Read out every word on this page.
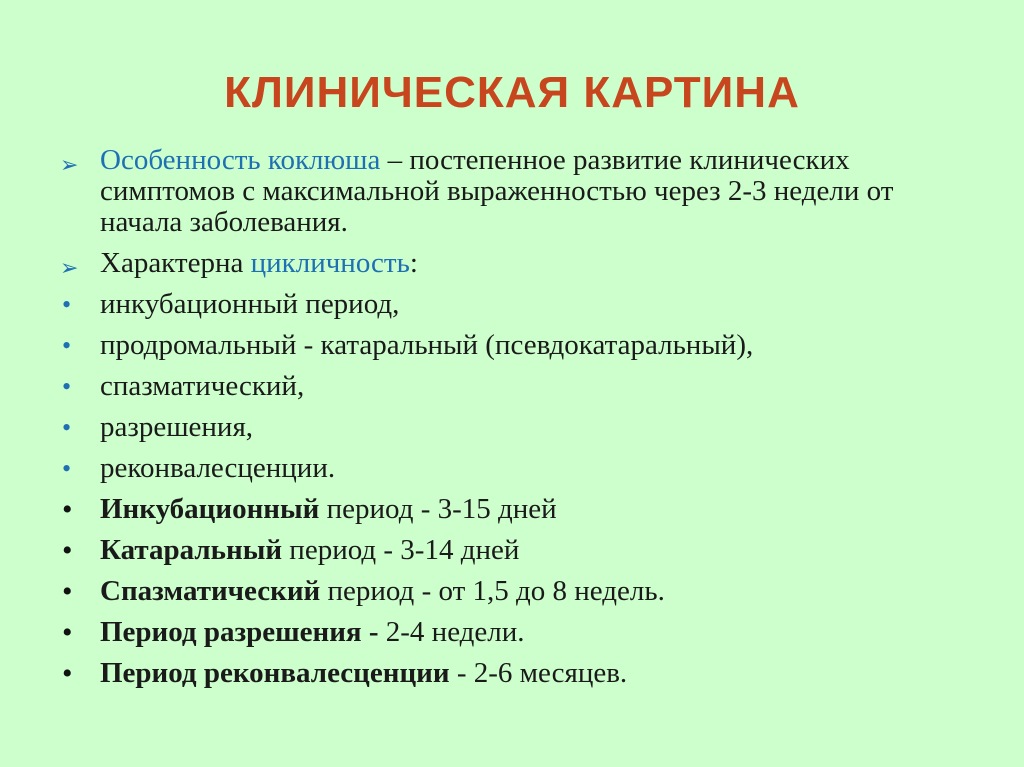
КЛИНИЧЕСКАЯ КАРТИНА
➢ Особенность коклюша – постепенное развитие клинических симптомов с максимальной выраженностью через 2-3 недели от начала заболевания.
➢ Характерна цикличность:
• инкубационный период,
• продромальный - катаральный (псевдокатаральный),
• спазматический,
• разрешения,
• реконвалесценции.
• Инкубационный период - 3-15 дней
• Катаральный период - 3-14 дней
• Спазматический период - от 1,5 до 8 недель.
• Период разрешения - 2-4 недели.
• Период реконвалесценции - 2-6 месяцев.
